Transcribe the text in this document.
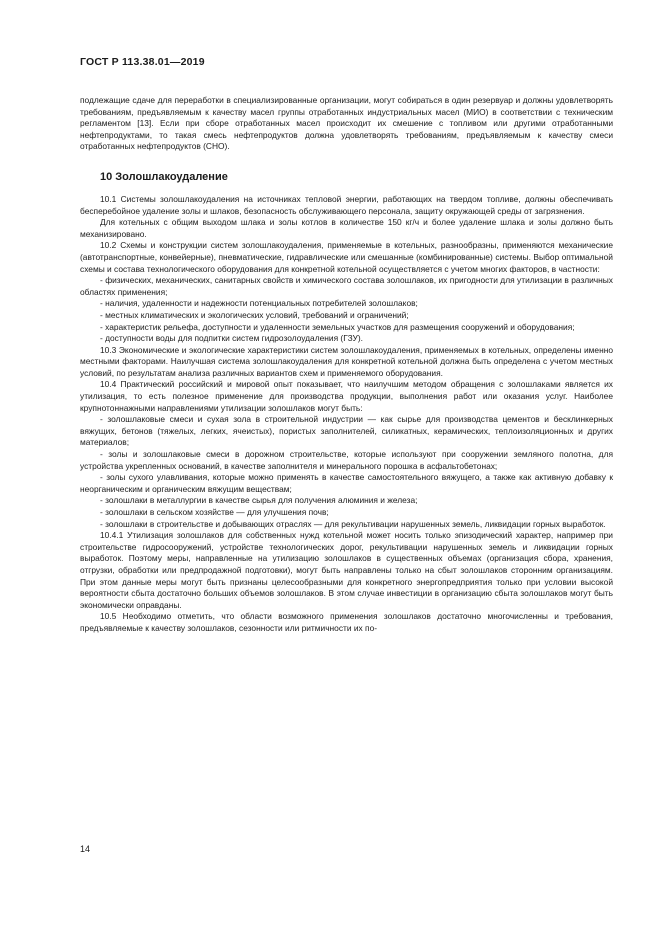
ГОСТ Р 113.38.01—2019

подлежащие сдаче для переработки в специализированные организации, могут собираться в один резервуар и должны удовлетворять требованиям, предъявляемым к качеству масел группы отработанных индустриальных масел (МИО) в соответствии с техническим регламентом [13]. Если при сборе отработанных масел происходит их смешение с топливом или другими отработанными нефтепродуктами, то такая смесь нефтепродуктов должна удовлетворять требованиям, предъявляемым к качеству смеси отработанных нефтепродуктов (СНО).

10 Золошлакоудаление

10.1 Системы золошлакоудаления на источниках тепловой энергии, работающих на твердом топливе, должны обеспечивать бесперебойное удаление золы и шлаков, безопасность обслуживающего персонала, защиту окружающей среды от загрязнения.

Для котельных с общим выходом шлака и золы котлов в количестве 150 кг/ч и более удаление шлака и золы должно быть механизировано.

10.2 Схемы и конструкции систем золошлакоудаления, применяемые в котельных, разнообразны, применяются механические (автотранспортные, конвейерные), пневматические, гидравлические или смешанные (комбинированные) системы. Выбор оптимальной схемы и состава технологического оборудования для конкретной котельной осуществляется с учетом многих факторов, в частности:

- физических, механических, санитарных свойств и химического состава золошлаков, их пригодности для утилизации в различных областях применения;

- наличия, удаленности и надежности потенциальных потребителей золошлаков;

- местных климатических и экологических условий, требований и ограничений;

- характеристик рельефа, доступности и удаленности земельных участков для размещения сооружений и оборудования;

- доступности воды для подпитки систем гидрозолоудаления (ГЗУ).

10.3 Экономические и экологические характеристики систем золошлакоудаления, применяемых в котельных, определены именно местными факторами. Наилучшая система золошлакоудаления для конкретной котельной должна быть определена с учетом местных условий, по результатам анализа различных вариантов схем и применяемого оборудования.

10.4 Практический российский и мировой опыт показывает, что наилучшим методом обращения с золошлаками является их утилизация, то есть полезное применение для производства продукции, выполнения работ или оказания услуг. Наиболее крупнотоннажными направлениями утилизации золошлаков могут быть:

- золошлаковые смеси и сухая зола в строительной индустрии — как сырье для производства цементов и бесклинкерных вяжущих, бетонов (тяжелых, легких, ячеистых), пористых заполнителей, силикатных, керамических, теплоизоляционных и других материалов;

- золы и золошлаковые смеси в дорожном строительстве, которые используют при сооружении земляного полотна, для устройства укрепленных оснований, в качестве заполнителя и минерального порошка в асфальтобетонах;

- золы сухого улавливания, которые можно применять в качестве самостоятельного вяжущего, а также как активную добавку к неорганическим и органическим вяжущим веществам;

- золошлаки в металлургии в качестве сырья для получения алюминия и железа;

- золошлаки в сельском хозяйстве — для улучшения почв;

- золошлаки в строительстве и добывающих отраслях — для рекультивации нарушенных земель, ликвидации горных выработок.

10.4.1 Утилизация золошлаков для собственных нужд котельной может носить только эпизодический характер, например при строительстве гидросооружений, устройстве технологических дорог, рекультивации нарушенных земель и ликвидации горных выработок. Поэтому меры, направленные на утилизацию золошлаков в существенных объемах (организация сбора, хранения, отгрузки, обработки или предпродажной подготовки), могут быть направлены только на сбыт золошлаков сторонним организациям. При этом данные меры могут быть признаны целесообразными для конкретного энергопредприятия только при условии высокой вероятности сбыта достаточно больших объемов золошлаков. В этом случае инвестиции в организацию сбыта золошлаков могут быть экономически оправданы.

10.5 Необходимо отметить, что области возможного применения золошлаков достаточно многочисленны и требования, предъявляемые к качеству золошлаков, сезонности или ритмичности их по-

14
